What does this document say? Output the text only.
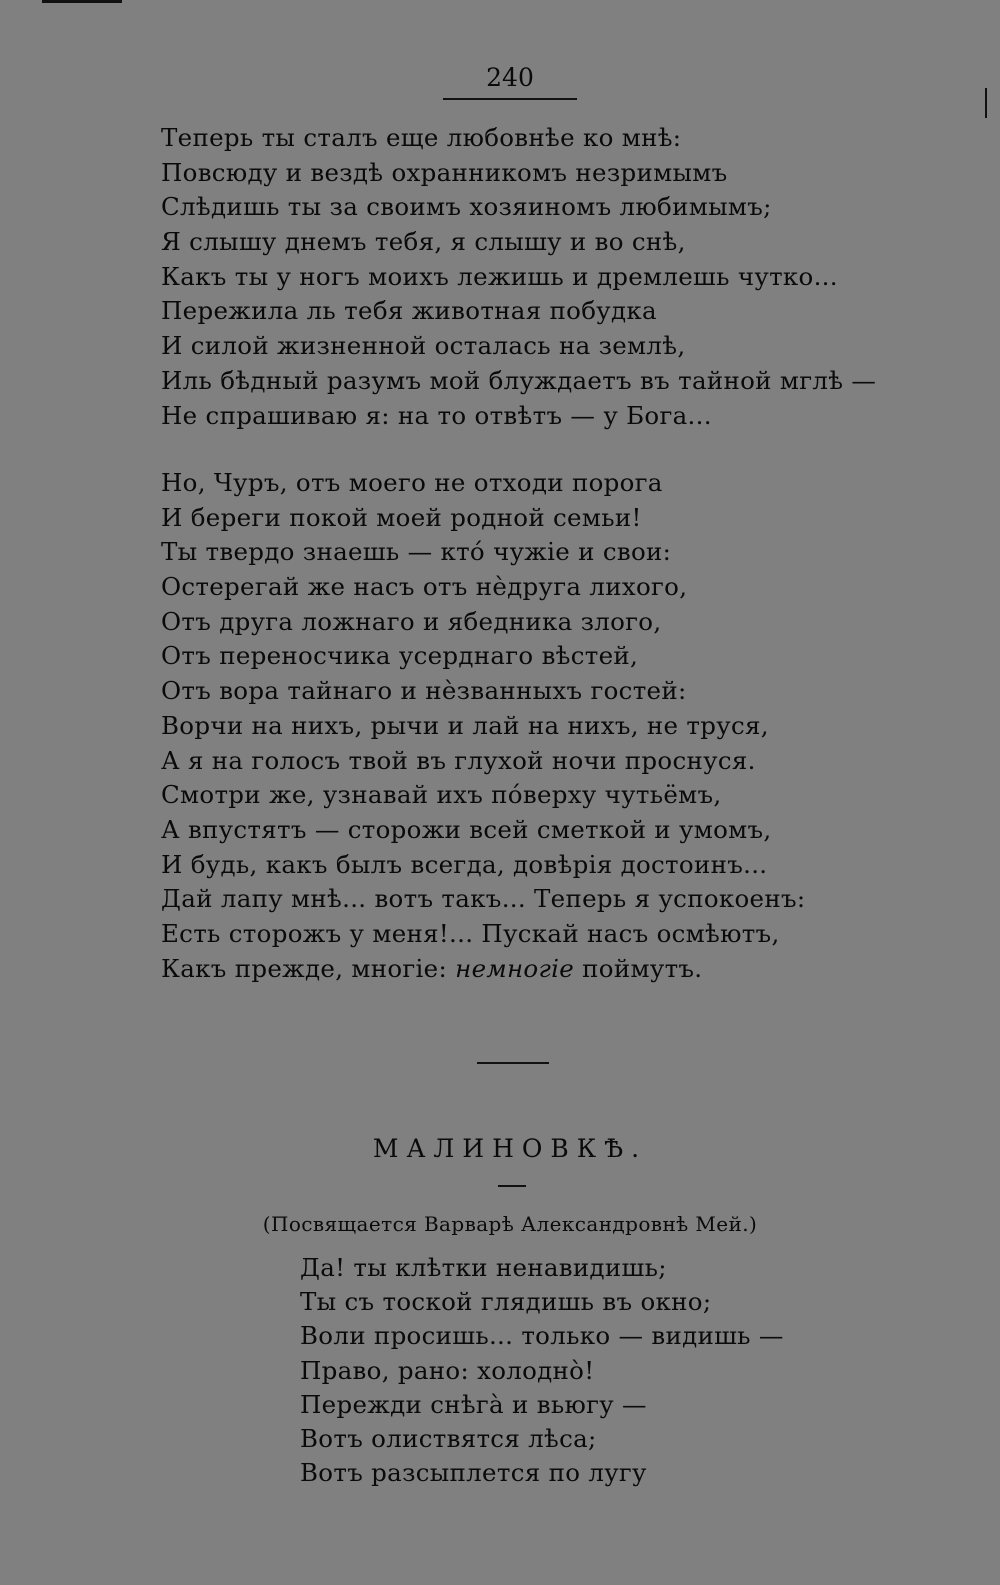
240
Теперь ты сталъ еще любовнѣе ко мнѣ:
Повсюду и вездѣ охранникомъ незримымъ
Слѣдишь ты за своимъ хозяиномъ любимымъ;
Я слышу днемъ тебя, я слышу и во снѣ,
Какъ ты у ногъ моихъ лежишь и дремлешь чутко...
Пережила ль тебя животная побудка
И силой жизненной осталась на землѣ,
Иль бѣдный разумъ мой блуждаетъ въ тайной мглѣ —
Не спрашиваю я: на то отвѣтъ — у Бога...
Но, Чуръ, отъ моего не отходи порога
И береги покой моей родной семьи!
Ты твердо знаешь — ктó чужіе и свои:
Остерегай же насъ отъ нѐдруга лихого,
Отъ друга ложнаго и ябедника злого,
Отъ переносчика усерднаго вѣстей,
Отъ вора тайнаго и нѐзванныхъ гостей:
Ворчи на нихъ, рычи и лай на нихъ, не труся,
А я на голосъ твой въ глухой ночи проснуся.
Смотри же, узнавай ихъ пóверху чутьёмъ,
А впустятъ — сторожи всей сметкой и умомъ,
И будь, какъ былъ всегда, довѣрія достоинъ...
Дай лапу мнѣ... вотъ такъ... Теперь я успокоенъ:
Есть сторожъ у меня!... Пускай насъ осмѣютъ,
Какъ прежде, многіе: немногіе поймутъ.
МАЛИНОВКѢ.
(Посвящается Варварѣ Александровнѣ Мей.)
Да! ты клѣтки ненавидишь;
Ты съ тоской глядишь въ окно;
Воли просишь... только — видишь —
Право, рано: холоднò!
Пережди снѣгà и вьюгу —
Вотъ олиствятся лѣса;
Вотъ разсыплется по лугу
